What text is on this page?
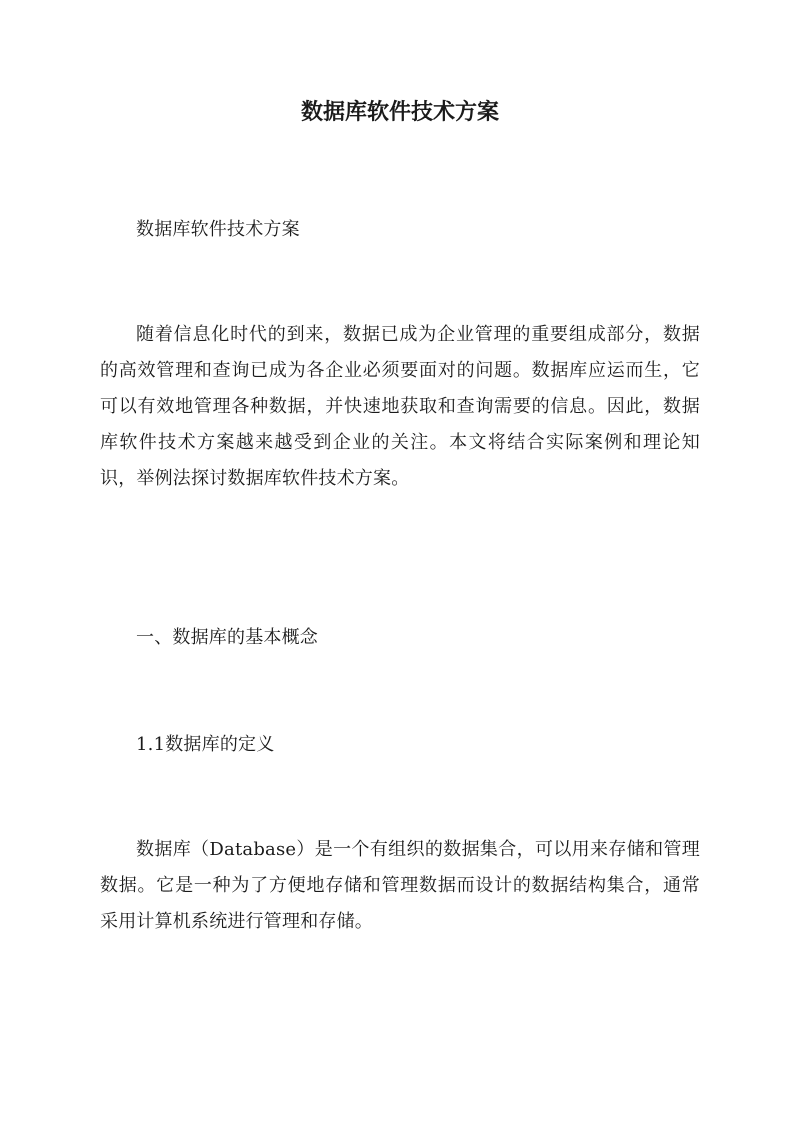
数据库软件技术方案

数据库软件技术方案

随着信息化时代的到来，数据已成为企业管理的重要组成部分，数据的高效管理和查询已成为各企业必须要面对的问题。数据库应运而生，它可以有效地管理各种数据，并快速地获取和查询需要的信息。因此，数据库软件技术方案越来越受到企业的关注。本文将结合实际案例和理论知识，举例法探讨数据库软件技术方案。

一、数据库的基本概念

1.1数据库的定义

数据库（Database）是一个有组织的数据集合，可以用来存储和管理数据。它是一种为了方便地存储和管理数据而设计的数据结构集合，通常采用计算机系统进行管理和存储。
